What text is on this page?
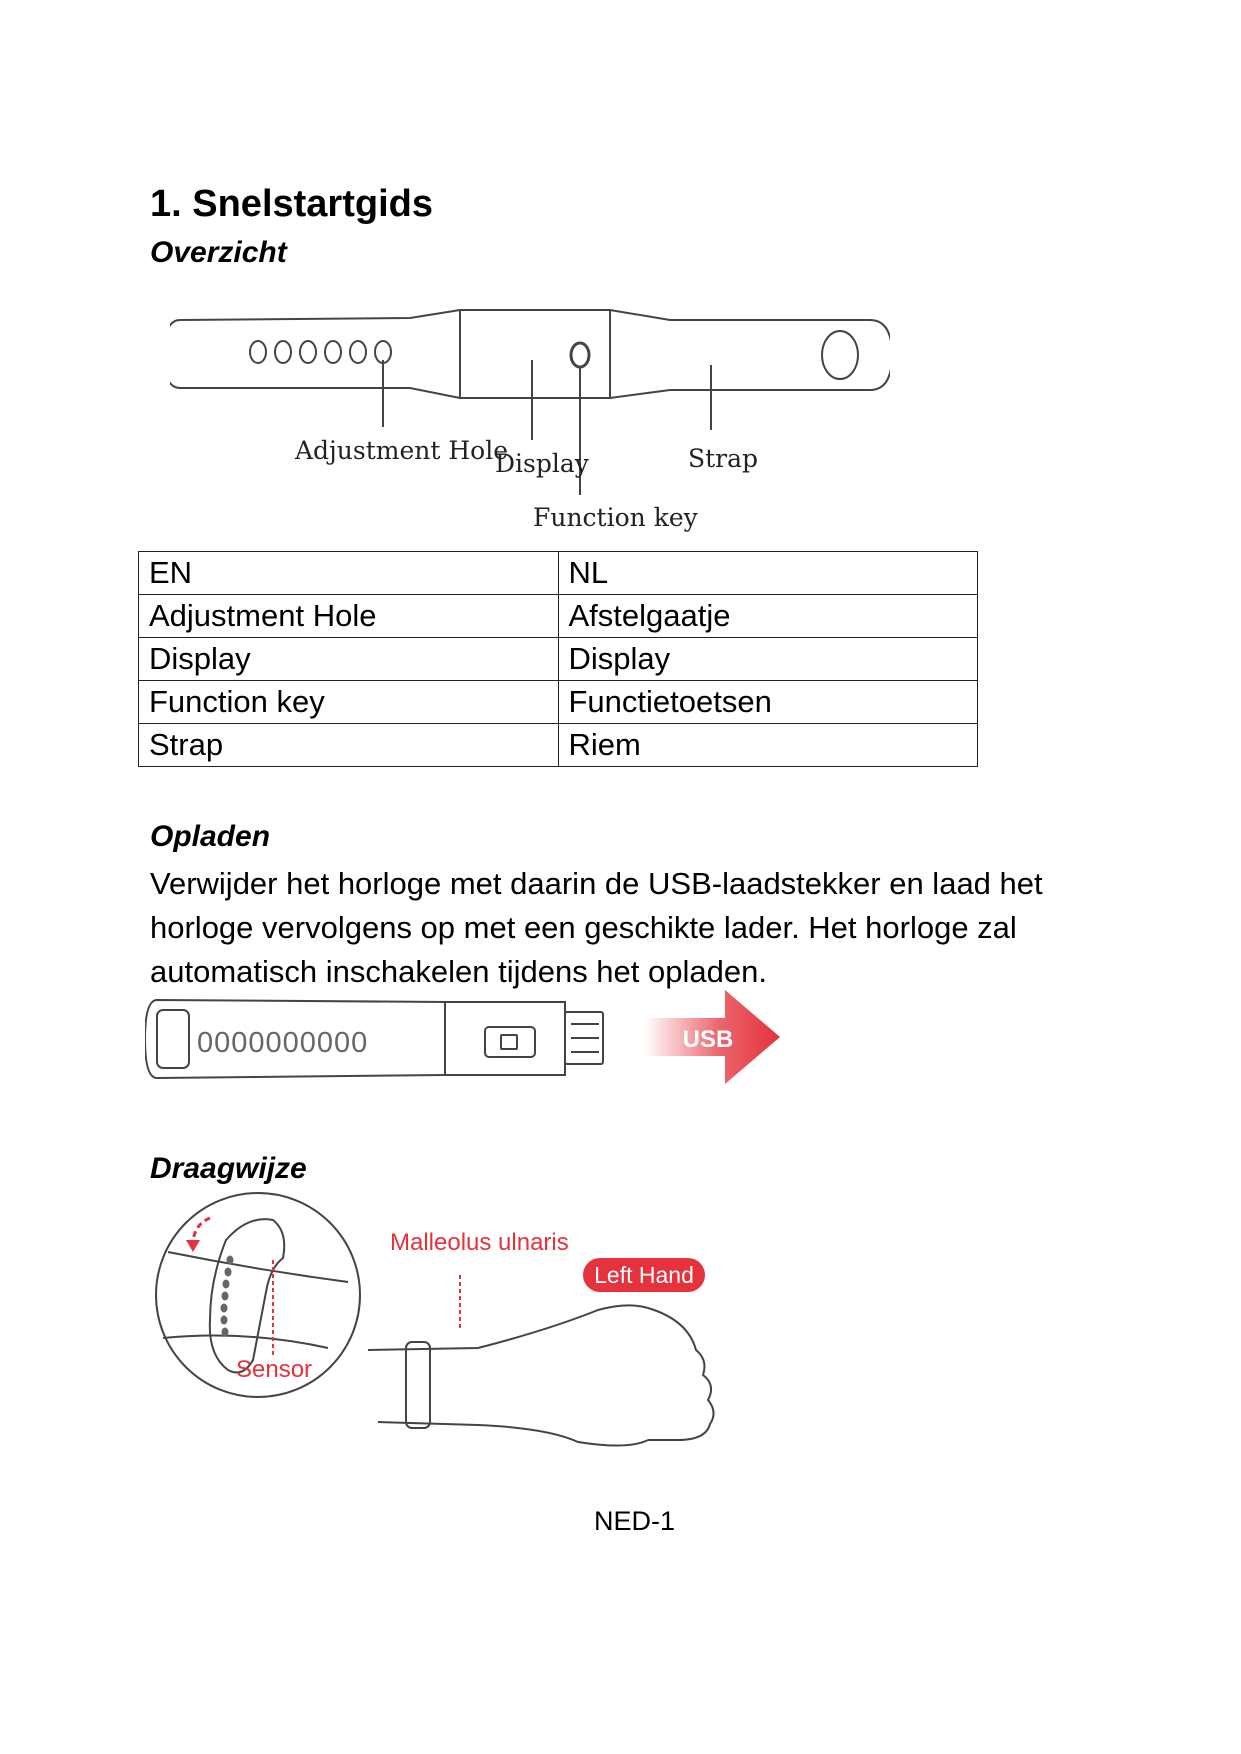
1. Snelstartgids
Overzicht
Adjustment Hole
Display	Strap
Function key
EN	NL
Adjustment Hole	Afstelgaatje
Display	Display
Function key	Functietoetsen
Strap	Riem
Opladen
Verwijder het horloge met daarin de USB-laadstekker en laad het horloge vervolgens op met een geschikte lader. Het horloge zal automatisch inschakelen tijdens het opladen.
0000000000	USB
Draagwijze
Sensor
Malleolus ulnaris
Left Hand
NED-1
